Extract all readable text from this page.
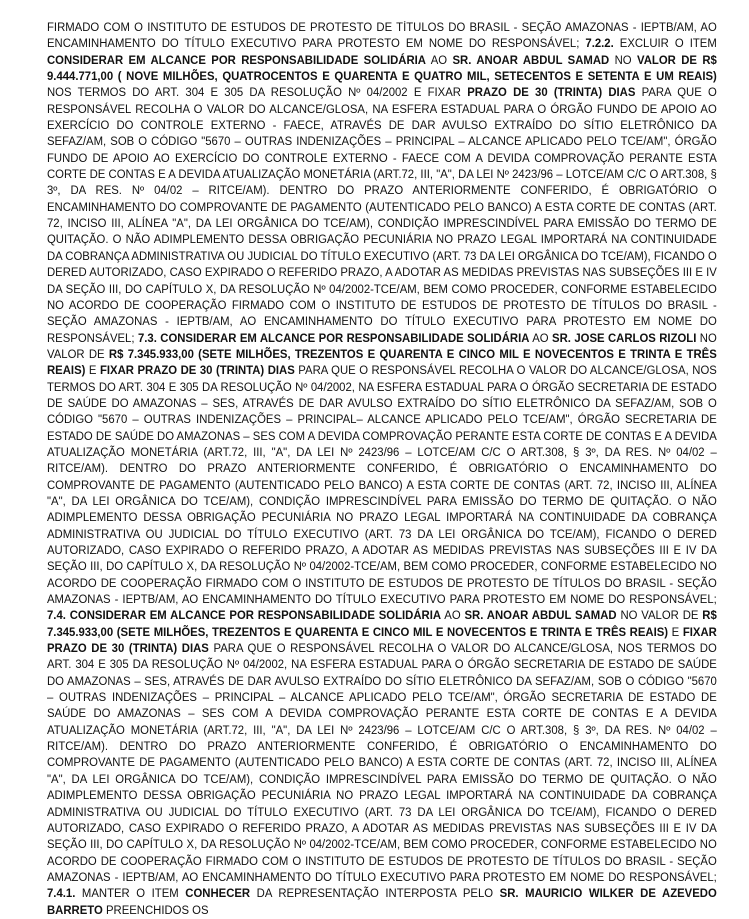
FIRMADO COM O INSTITUTO DE ESTUDOS DE PROTESTO DE TÍTULOS DO BRASIL - SEÇÃO AMAZONAS - IEPTB/AM, AO ENCAMINHAMENTO DO TÍTULO EXECUTIVO PARA PROTESTO EM NOME DO RESPONSÁVEL; 7.2.2. EXCLUIR O ITEM CONSIDERAR EM ALCANCE POR RESPONSABILIDADE SOLIDÁRIA AO SR. ANOAR ABDUL SAMAD NO VALOR DE R$ 9.444.771,00 ( NOVE MILHÕES, QUATROCENTOS E QUARENTA E QUATRO MIL, SETECENTOS E SETENTA E UM REAIS) NOS TERMOS DO ART. 304 E 305 DA RESOLUÇÃO Nº 04/2002 E FIXAR PRAZO DE 30 (TRINTA) DIAS PARA QUE O RESPONSÁVEL RECOLHA O VALOR DO ALCANCE/GLOSA, NA ESFERA ESTADUAL PARA O ÓRGÃO FUNDO DE APOIO AO EXERCÍCIO DO CONTROLE EXTERNO - FAECE, ATRAVÉS DE DAR AVULSO EXTRAÍDO DO SÍTIO ELETRÔNICO DA SEFAZ/AM, SOB O CÓDIGO "5670 – OUTRAS INDENIZAÇÕES – PRINCIPAL – ALCANCE APLICADO PELO TCE/AM", ÓRGÃO FUNDO DE APOIO AO EXERCÍCIO DO CONTROLE EXTERNO - FAECE COM A DEVIDA COMPROVAÇÃO PERANTE ESTA CORTE DE CONTAS E A DEVIDA ATUALIZAÇÃO MONETÁRIA (ART.72, III, "A", DA LEI Nº 2423/96 – LOTCE/AM C/C O ART.308, § 3º, DA RES. Nº 04/02 – RITCE/AM). DENTRO DO PRAZO ANTERIORMENTE CONFERIDO, É OBRIGATÓRIO O ENCAMINHAMENTO DO COMPROVANTE DE PAGAMENTO (AUTENTICADO PELO BANCO) A ESTA CORTE DE CONTAS (ART. 72, INCISO III, ALÍNEA "A", DA LEI ORGÂNICA DO TCE/AM), CONDIÇÃO IMPRESCINDÍVEL PARA EMISSÃO DO TERMO DE QUITAÇÃO. O NÃO ADIMPLEMENTO DESSA OBRIGAÇÃO PECUNIÁRIA NO PRAZO LEGAL IMPORTARÁ NA CONTINUIDADE DA COBRANÇA ADMINISTRATIVA OU JUDICIAL DO TÍTULO EXECUTIVO (ART. 73 DA LEI ORGÂNICA DO TCE/AM), FICANDO O DERED AUTORIZADO, CASO EXPIRADO O REFERIDO PRAZO, A ADOTAR AS MEDIDAS PREVISTAS NAS SUBSEÇÕES III E IV DA SEÇÃO III, DO CAPÍTULO X, DA RESOLUÇÃO Nº 04/2002-TCE/AM, BEM COMO PROCEDER, CONFORME ESTABELECIDO NO ACORDO DE COOPERAÇÃO FIRMADO COM O INSTITUTO DE ESTUDOS DE PROTESTO DE TÍTULOS DO BRASIL - SEÇÃO AMAZONAS - IEPTB/AM, AO ENCAMINHAMENTO DO TÍTULO EXECUTIVO PARA PROTESTO EM NOME DO RESPONSÁVEL; 7.3. CONSIDERAR EM ALCANCE POR RESPONSABILIDADE SOLIDÁRIA AO SR. JOSE CARLOS RIZOLI NO VALOR DE R$ 7.345.933,00 (SETE MILHÕES, TREZENTOS E QUARENTA E CINCO MIL E NOVECENTOS E TRINTA E TRÊS REAIS) E FIXAR PRAZO DE 30 (TRINTA) DIAS PARA QUE O RESPONSÁVEL RECOLHA O VALOR DO ALCANCE/GLOSA, NOS TERMOS DO ART. 304 E 305 DA RESOLUÇÃO Nº 04/2002, NA ESFERA ESTADUAL PARA O ÓRGÃO SECRETARIA DE ESTADO DE SAÚDE DO AMAZONAS – SES, ATRAVÉS DE DAR AVULSO EXTRAÍDO DO SÍTIO ELETRÔNICO DA SEFAZ/AM, SOB O CÓDIGO "5670 – OUTRAS INDENIZAÇÕES – PRINCIPAL– ALCANCE APLICADO PELO TCE/AM", ÓRGÃO SECRETARIA DE ESTADO DE SAÚDE DO AMAZONAS – SES COM A DEVIDA COMPROVAÇÃO PERANTE ESTA CORTE DE CONTAS E A DEVIDA ATUALIZAÇÃO MONETÁRIA (ART.72, III, "A", DA LEI Nº 2423/96 – LOTCE/AM C/C O ART.308, § 3º, DA RES. Nº 04/02 – RITCE/AM). DENTRO DO PRAZO ANTERIORMENTE CONFERIDO, É OBRIGATÓRIO O ENCAMINHAMENTO DO COMPROVANTE DE PAGAMENTO (AUTENTICADO PELO BANCO) A ESTA CORTE DE CONTAS (ART. 72, INCISO III, ALÍNEA "A", DA LEI ORGÂNICA DO TCE/AM), CONDIÇÃO IMPRESCINDÍVEL PARA EMISSÃO DO TERMO DE QUITAÇÃO. O NÃO ADIMPLEMENTO DESSA OBRIGAÇÃO PECUNIÁRIA NO PRAZO LEGAL IMPORTARÁ NA CONTINUIDADE DA COBRANÇA ADMINISTRATIVA OU JUDICIAL DO TÍTULO EXECUTIVO (ART. 73 DA LEI ORGÂNICA DO TCE/AM), FICANDO O DERED AUTORIZADO, CASO EXPIRADO O REFERIDO PRAZO, A ADOTAR AS MEDIDAS PREVISTAS NAS SUBSEÇÕES III E IV DA SEÇÃO III, DO CAPÍTULO X, DA RESOLUÇÃO Nº 04/2002-TCE/AM, BEM COMO PROCEDER, CONFORME ESTABELECIDO NO ACORDO DE COOPERAÇÃO FIRMADO COM O INSTITUTO DE ESTUDOS DE PROTESTO DE TÍTULOS DO BRASIL - SEÇÃO AMAZONAS - IEPTB/AM, AO ENCAMINHAMENTO DO TÍTULO EXECUTIVO PARA PROTESTO EM NOME DO RESPONSÁVEL; 7.4. CONSIDERAR EM ALCANCE POR RESPONSABILIDADE SOLIDÁRIA AO SR. ANOAR ABDUL SAMAD NO VALOR DE R$ 7.345.933,00 (SETE MILHÕES, TREZENTOS E QUARENTA E CINCO MIL E NOVECENTOS E TRINTA E TRÊS REAIS) E FIXAR PRAZO DE 30 (TRINTA) DIAS PARA QUE O RESPONSÁVEL RECOLHA O VALOR DO ALCANCE/GLOSA, NOS TERMOS DO ART. 304 E 305 DA RESOLUÇÃO Nº 04/2002, NA ESFERA ESTADUAL PARA O ÓRGÃO SECRETARIA DE ESTADO DE SAÚDE DO AMAZONAS – SES, ATRAVÉS DE DAR AVULSO EXTRAÍDO DO SÍTIO ELETRÔNICO DA SEFAZ/AM, SOB O CÓDIGO "5670 – OUTRAS INDENIZAÇÕES – PRINCIPAL – ALCANCE APLICADO PELO TCE/AM", ÓRGÃO SECRETARIA DE ESTADO DE SAÚDE DO AMAZONAS – SES COM A DEVIDA COMPROVAÇÃO PERANTE ESTA CORTE DE CONTAS E A DEVIDA ATUALIZAÇÃO MONETÁRIA (ART.72, III, "A", DA LEI Nº 2423/96 – LOTCE/AM C/C O ART.308, § 3º, DA RES. Nº 04/02 – RITCE/AM). DENTRO DO PRAZO ANTERIORMENTE CONFERIDO, É OBRIGATÓRIO O ENCAMINHAMENTO DO COMPROVANTE DE PAGAMENTO (AUTENTICADO PELO BANCO) A ESTA CORTE DE CONTAS (ART. 72, INCISO III, ALÍNEA "A", DA LEI ORGÂNICA DO TCE/AM), CONDIÇÃO IMPRESCINDÍVEL PARA EMISSÃO DO TERMO DE QUITAÇÃO. O NÃO ADIMPLEMENTO DESSA OBRIGAÇÃO PECUNIÁRIA NO PRAZO LEGAL IMPORTARÁ NA CONTINUIDADE DA COBRANÇA ADMINISTRATIVA OU JUDICIAL DO TÍTULO EXECUTIVO (ART. 73 DA LEI ORGÂNICA DO TCE/AM), FICANDO O DERED AUTORIZADO, CASO EXPIRADO O REFERIDO PRAZO, A ADOTAR AS MEDIDAS PREVISTAS NAS SUBSEÇÕES III E IV DA SEÇÃO III, DO CAPÍTULO X, DA RESOLUÇÃO Nº 04/2002-TCE/AM, BEM COMO PROCEDER, CONFORME ESTABELECIDO NO ACORDO DE COOPERAÇÃO FIRMADO COM O INSTITUTO DE ESTUDOS DE PROTESTO DE TÍTULOS DO BRASIL - SEÇÃO AMAZONAS - IEPTB/AM, AO ENCAMINHAMENTO DO TÍTULO EXECUTIVO PARA PROTESTO EM NOME DO RESPONSÁVEL; 7.4.1. MANTER O ITEM CONHECER DA REPRESENTAÇÃO INTERPOSTA PELO SR. MAURICIO WILKER DE AZEVEDO BARRETO PREENCHIDOS OS
